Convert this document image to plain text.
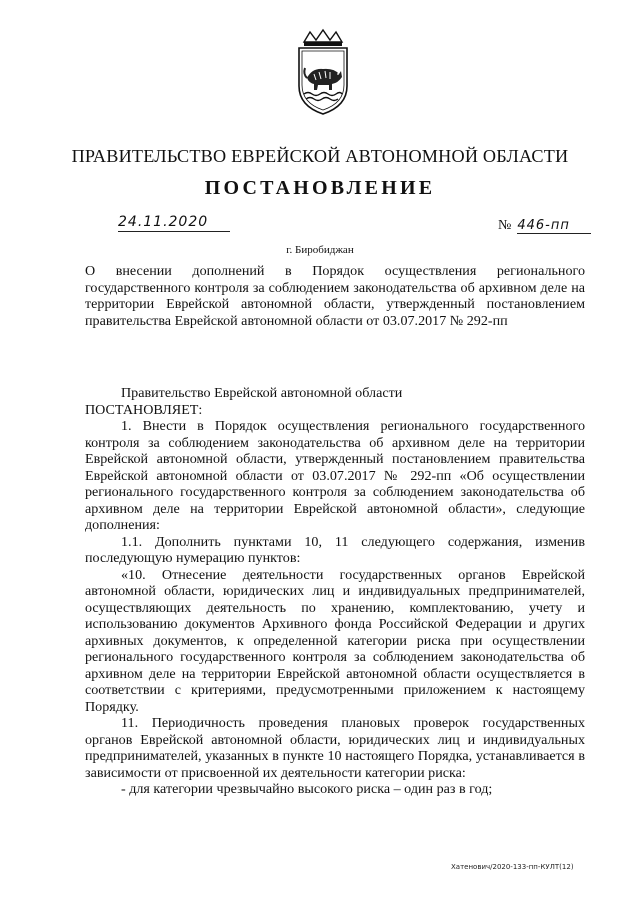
ПРАВИТЕЛЬСТВО ЕВРЕЙСКОЙ АВТОНОМНОЙ ОБЛАСТИ
ПОСТАНОВЛЕНИЕ
24.11.2020	№ 446-пп
г. Биробиджан

О внесении дополнений в Порядок осуществления регионального государственного контроля за соблюдением законодательства об архивном деле на территории Еврейской автономной области, утвержденный постановлением правительства Еврейской автономной области от 03.07.2017 № 292-пп

Правительство Еврейской автономной области

ПОСТАНОВЛЯЕТ:

1. Внести в Порядок осуществления регионального государственного контроля за соблюдением законодательства об архивном деле на территории Еврейской автономной области, утвержденный постановлением правительства Еврейской автономной области от 03.07.2017 № 292-пп «Об осуществлении регионального государственного контроля за соблюдением законодательства об архивном деле на территории Еврейской автономной области», следующие дополнения:

1.1. Дополнить пунктами 10, 11 следующего содержания, изменив последующую нумерацию пунктов:

«10. Отнесение деятельности государственных органов Еврейской автономной области, юридических лиц и индивидуальных предпринимателей, осуществляющих деятельность по хранению, комплектованию, учету и использованию документов Архивного фонда Российской Федерации и других архивных документов, к определенной категории риска при осуществлении регионального государственного контроля за соблюдением законодательства об архивном деле на территории Еврейской автономной области осуществляется в соответствии с критериями, предусмотренными приложением к настоящему Порядку.

11. Периодичность проведения плановых проверок государственных органов Еврейской автономной области, юридических лиц и индивидуальных предпринимателей, указанных в пункте 10 настоящего Порядка, устанавливается в зависимости от присвоенной их деятельности категории риска:

- для категории чрезвычайно высокого риска – один раз в год;

Хатенович/2020-133-пп-КУЛТ(12)
